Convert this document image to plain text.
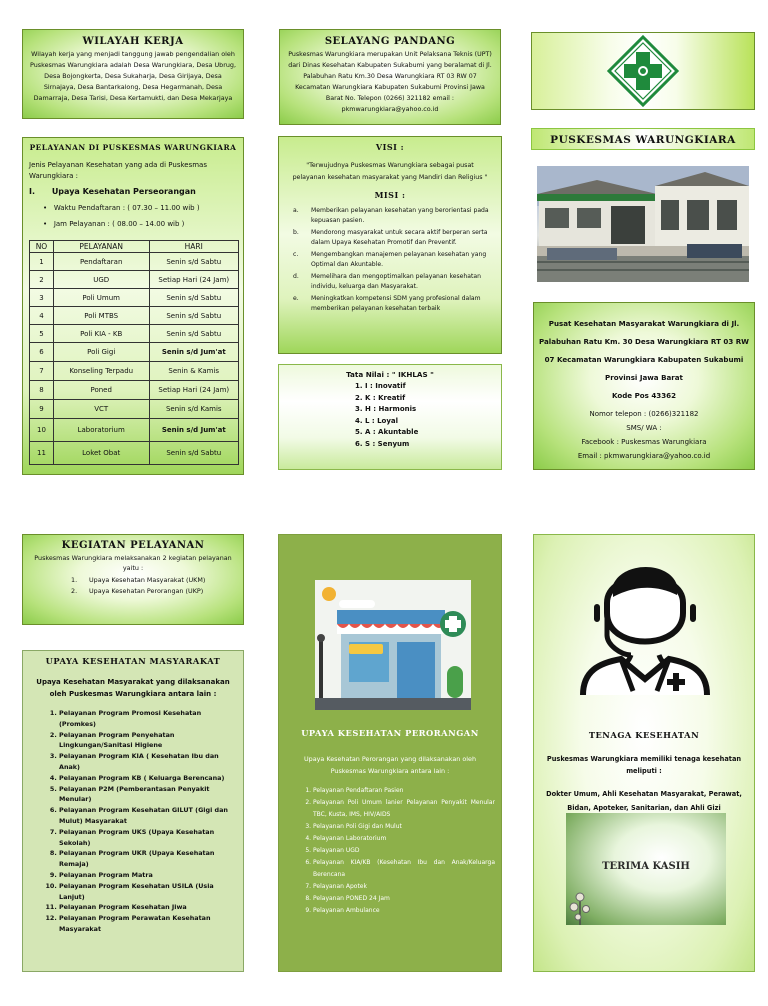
WILAYAH KERJA
Wilayah kerja yang menjadi tanggung jawab pengendalian oleh Puskesmas Warungkiara adalah Desa Warungkiara, Desa Ubrug, Desa Bojongkerta, Desa Sukaharja, Desa Girijaya, Desa Sirnajaya, Desa Bantarkalong, Desa Hegarmanah, Desa Damarraja, Desa Tarisi, Desa Kertamukti, dan Desa Mekarjaya
SELAYANG PANDANG
Puskesmas Warungkiara merupakan Unit Pelaksana Teknis (UPT) dari Dinas Kesehatan Kabupaten Sukabumi yang beralamat di Jl. Palabuhan Ratu Km.30 Desa Warungkiara RT 03 RW 07 Kecamatan Warungkiara Kabupaten Sukabumi Provinsi Jawa Barat No. Telepon (0266) 321182 email :
pkmwarungkiara@yahoo.co.id
PUSKESMAS WARUNGKIARA
PELAYANAN DI PUSKESMAS WARUNGKIARA
Jenis Pelayanan Kesehatan yang ada di Puskesmas Warungkiara :
I. Upaya Kesehatan Perseorangan
•   Waktu Pendaftaran : ( 07.30 – 11.00 wib )
•   Jam Pelayanan : ( 08.00 – 14.00 wib )
NO	PELAYANAN	HARI
1	Pendaftaran	Senin s/d Sabtu
2	UGD	Setiap Hari (24 Jam)
3	Poli Umum	Senin s/d Sabtu
4	Poli MTBS	Senin s/d Sabtu
5	Poli KIA - KB	Senin s/d Sabtu
6	Poli Gigi	Senin s/d Jum'at
7	Konseling Terpadu	Senin & Kamis
8	Poned	Setiap Hari (24 Jam)
9	VCT	Senin s/d Kamis
10	Laboratorium	Senin s/d Jum'at
11	Loket Obat	Senin s/d Sabtu
VISI :
"Terwujudnya Puskesmas Warungkiara sebagai pusat pelayanan kesehatan masyarakat yang Mandiri dan Religius "
MISI :
a.	Memberikan pelayanan kesehatan yang berorientasi pada kepuasan pasien.
b.	Mendorong masyarakat untuk secara aktif berperan serta dalam Upaya Kesehatan Promotif dan Preventif.
c.	Mengembangkan manajemen pelayanan kesehatan yang Optimal dan Akuntable.
d.	Memelihara dan mengoptimalkan pelayanan kesehatan individu, keluarga dan Masyarakat.
e.	Meningkatkan kompetensi SDM yang profesional dalam memberikan pelayanan kesehatan terbaik
Tata Nilai : " IKHLAS "
1. I : Inovatif
2. K : Kreatif
3. H : Harmonis
4. L : Loyal
5. A : Akuntable
6. S : Senyum
Pusat Kesehatan Masyarakat Warungkiara di Jl.
Palabuhan Ratu Km. 30 Desa Warungkiara RT 03 RW
07 Kecamatan Warungkiara Kabupaten Sukabumi
Provinsi Jawa Barat
Kode Pos 43362
Nomor telepon : (0266)321182
SMS/ WA :
Facebook : Puskesmas Warungkiara
Email : pkmwarungkiara@yahoo.co.id
KEGIATAN PELAYANAN
Puskesmas Warungkiara melaksanakan 2 kegiatan pelayanan yaitu :
1. Upaya Kesehatan Masyarakat (UKM)
2. Upaya Kesehatan Perorangan (UKP)
UPAYA KESEHATAN MASYARAKAT
Upaya Kesehatan Masyarakat yang dilaksanakan oleh Puskesmas Warungkiara antara lain :
1. Pelayanan Program Promosi Kesehatan (Promkes)
2. Pelayanan Program Penyehatan Lingkungan/Sanitasi Higiene
3. Pelayanan Program KIA ( Kesehatan Ibu dan Anak)
4. Pelayanan Program KB ( Keluarga Berencana)
5. Pelayanan P2M (Pemberantasan Penyakit Menular)
6. Pelayanan Program Kesehatan GILUT (Gigi dan Mulut) Masyarakat
7. Pelayanan Program UKS (Upaya Kesehatan Sekolah)
8. Pelayanan Program UKR (Upaya Kesehatan Remaja)
9. Pelayanan Program Matra
10. Pelayanan Program Kesehatan USILA (Usia Lanjut)
11. Pelayanan Program Kesehatan Jiwa
12. Pelayanan Program Perawatan Kesehatan Masyarakat
UPAYA KESEHATAN PERORANGAN
Upaya Kesehatan Perorangan yang dilaksanakan oleh Puskesmas Warungkiara antara lain :
1. Pelayanan Pendaftaran Pasien
2. Pelayanan Poli Umum lanier Pelayanan Penyakit Menular TBC, Kusta, IMS, HIV/AIDS
3. Pelayanan Poli Gigi dan Mulut
4. Pelayanan Laboratorium
5. Pelayanan UGD
6. Pelayanan KIA/KB (Kesehatan Ibu dan Anak/Keluarga Berencana
7. Pelayanan Apotek
8. Pelayanan PONED 24 Jam
9. Pelayanan Ambulance
TENAGA KESEHATAN
Puskesmas Warungkiara memiliki tenaga kesehatan meliputi :
Dokter Umum, Ahli Kesehatan Masyarakat, Perawat, Bidan, Apoteker, Sanitarian, dan Ahli Gizi
TERIMA KASIH
